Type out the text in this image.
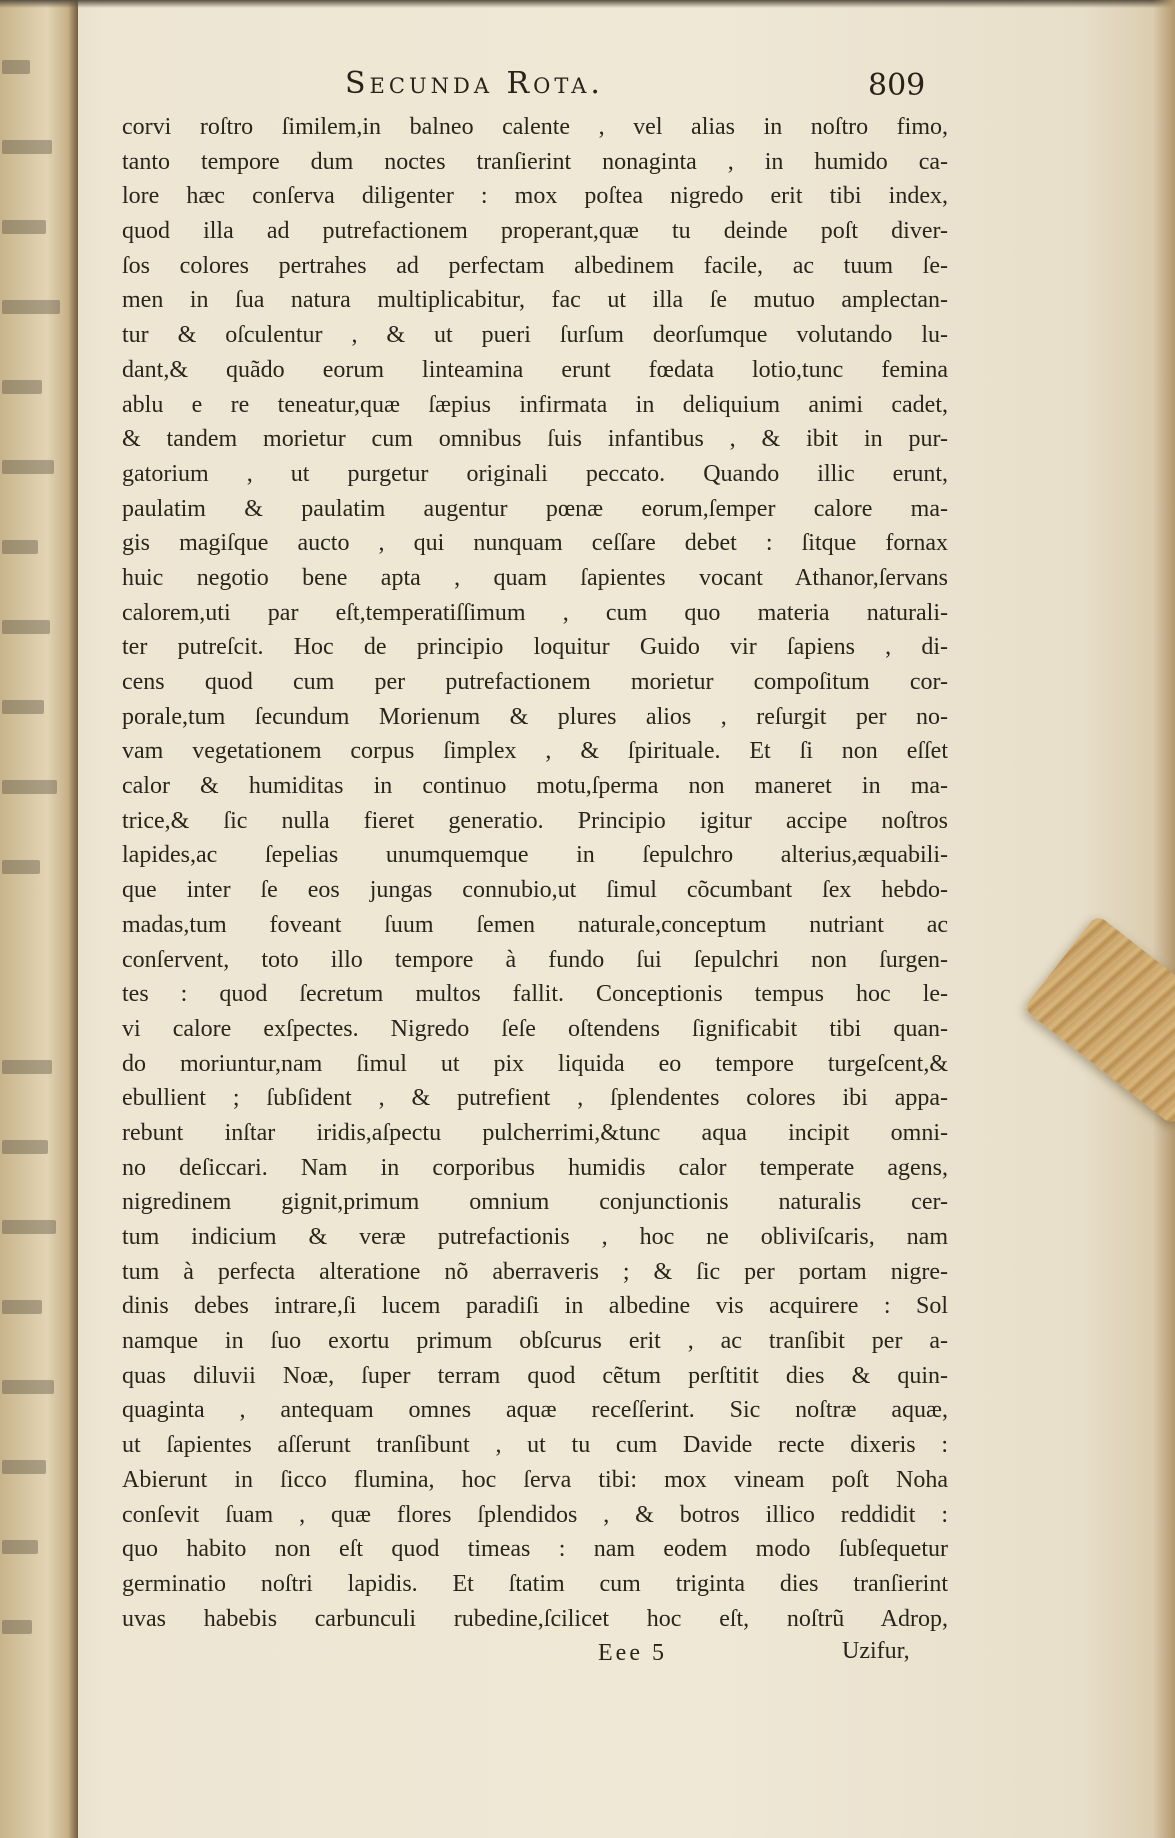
Secunda Rota.	809
corvi roſtro ſimilem,in balneo calente , vel alias in noſtro fimo,
tanto tempore dum noctes tranſierint nonaginta , in humido ca-
lore hæc conſerva diligenter : mox poſtea nigredo erit tibi index,
quod illa ad putrefactionem properant,quæ tu deinde poſt diver-
ſos colores pertrahes ad perfectam albedinem facile, ac tuum ſe-
men in ſua natura multiplicabitur, fac ut illa ſe mutuo amplectan-
tur & oſculentur , & ut pueri ſurſum deorſumque volutando lu-
dant,& quãdo eorum linteamina erunt fœdata lotio,tunc femina
ablu e re teneatur,quæ ſæpius infirmata in deliquium animi cadet,
& tandem morietur cum omnibus ſuis infantibus , & ibit in pur-
gatorium , ut purgetur originali peccato. Quando illic erunt,
paulatim & paulatim augentur pœnæ eorum,ſemper calore ma-
gis magiſque aucto , qui nunquam ceſſare debet : ſitque fornax
huic negotio bene apta , quam ſapientes vocant Athanor,ſervans
calorem,uti par eſt,temperatiſſimum , cum quo materia naturali-
ter putreſcit. Hoc de principio loquitur Guido vir ſapiens , di-
cens quod cum per putrefactionem morietur compoſitum cor-
porale,tum ſecundum Morienum & plures alios , reſurgit per no-
vam vegetationem corpus ſimplex , & ſpirituale. Et ſi non eſſet
calor & humiditas in continuo motu,ſperma non maneret in ma-
trice,& ſic nulla fieret generatio. Principio igitur accipe noſtros
lapides,ac ſepelias unumquemque in ſepulchro alterius,æquabili-
que inter ſe eos jungas connubio,ut ſimul cõcumbant ſex hebdo-
madas,tum foveant ſuum ſemen naturale,conceptum nutriant ac
conſervent, toto illo tempore à fundo ſui ſepulchri non ſurgen-
tes : quod ſecretum multos fallit. Conceptionis tempus hoc le-
vi calore exſpectes. Nigredo ſeſe oſtendens ſignificabit tibi quan-
do moriuntur,nam ſimul ut pix liquida eo tempore turgeſcent,&
ebullient ; ſubſident , & putrefient , ſplendentes colores ibi appa-
rebunt inſtar iridis,aſpectu pulcherrimi,&tunc aqua incipit omni-
no deſiccari. Nam in corporibus humidis calor temperate agens,
nigredinem gignit,primum omnium conjunctionis naturalis cer-
tum indicium & veræ putrefactionis , hoc ne obliviſcaris, nam
tum à perfecta alteratione nõ aberraveris ; & ſic per portam nigre-
dinis debes intrare,ſi lucem paradiſi in albedine vis acquirere : Sol
namque in ſuo exortu primum obſcurus erit , ac tranſibit per a-
quas diluvii Noæ, ſuper terram quod cẽtum perſtitit dies & quin-
quaginta , antequam omnes aquæ receſſerint. Sic noſtræ aquæ,
ut ſapientes aſſerunt tranſibunt , ut tu cum Davide recte dixeris :
Abierunt in ſicco flumina, hoc ſerva tibi: mox vineam poſt Noha
conſevit ſuam , quæ flores ſplendidos , & botros illico reddidit :
quo habito non eſt quod timeas : nam eodem modo ſubſequetur
germinatio noſtri lapidis. Et ſtatim cum triginta dies tranſierint
uvas habebis carbunculi rubedine,ſcilicet hoc eſt, noſtrũ Adrop,
Eee 5	Uzifur,
